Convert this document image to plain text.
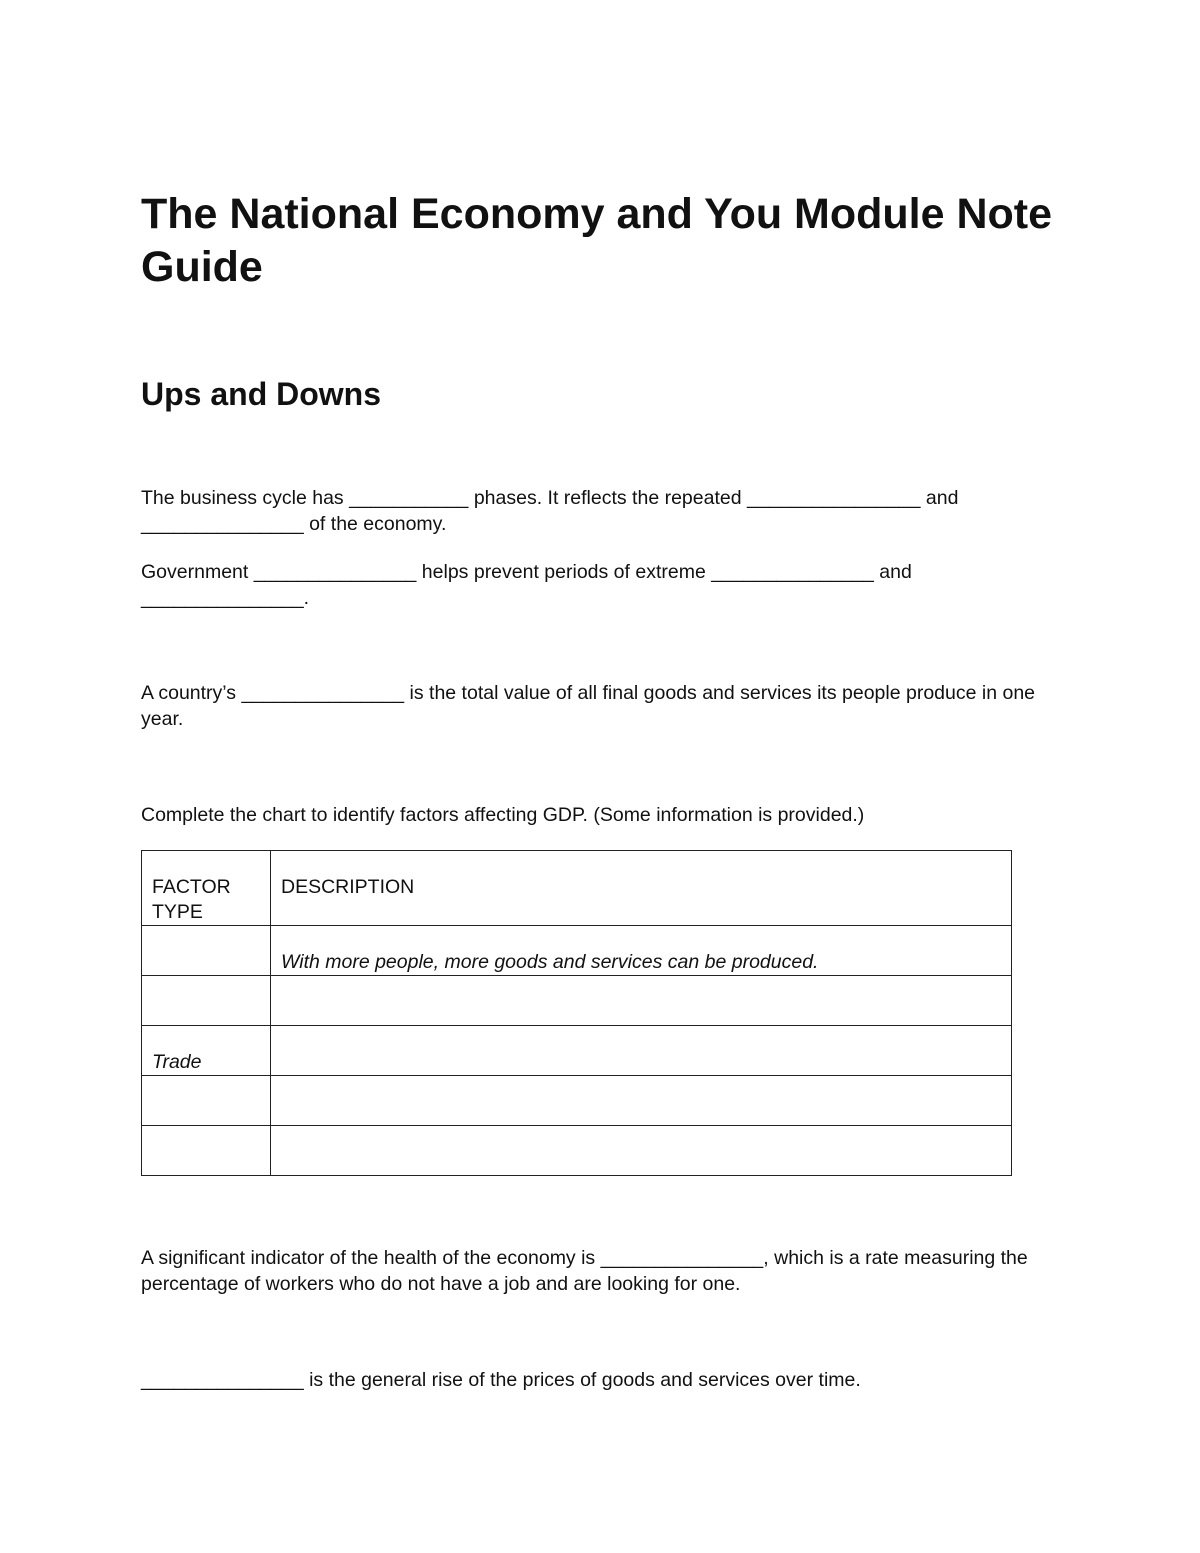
The National Economy and You Module Note Guide
Ups and Downs

The business cycle has ___________ phases. It reflects the repeated ________________ and _______________ of the economy.

Government _______________ helps prevent periods of extreme _______________ and _______________.

A country’s _______________ is the total value of all final goods and services its people produce in one year.

Complete the chart to identify factors affecting GDP. (Some information is provided.)

FACTOR TYPE	DESCRIPTION
	With more people, more goods and services can be produced.

Trade	

A significant indicator of the health of the economy is _______________, which is a rate measuring the percentage of workers who do not have a job and are looking for one.

_______________ is the general rise of the prices of goods and services over time.
